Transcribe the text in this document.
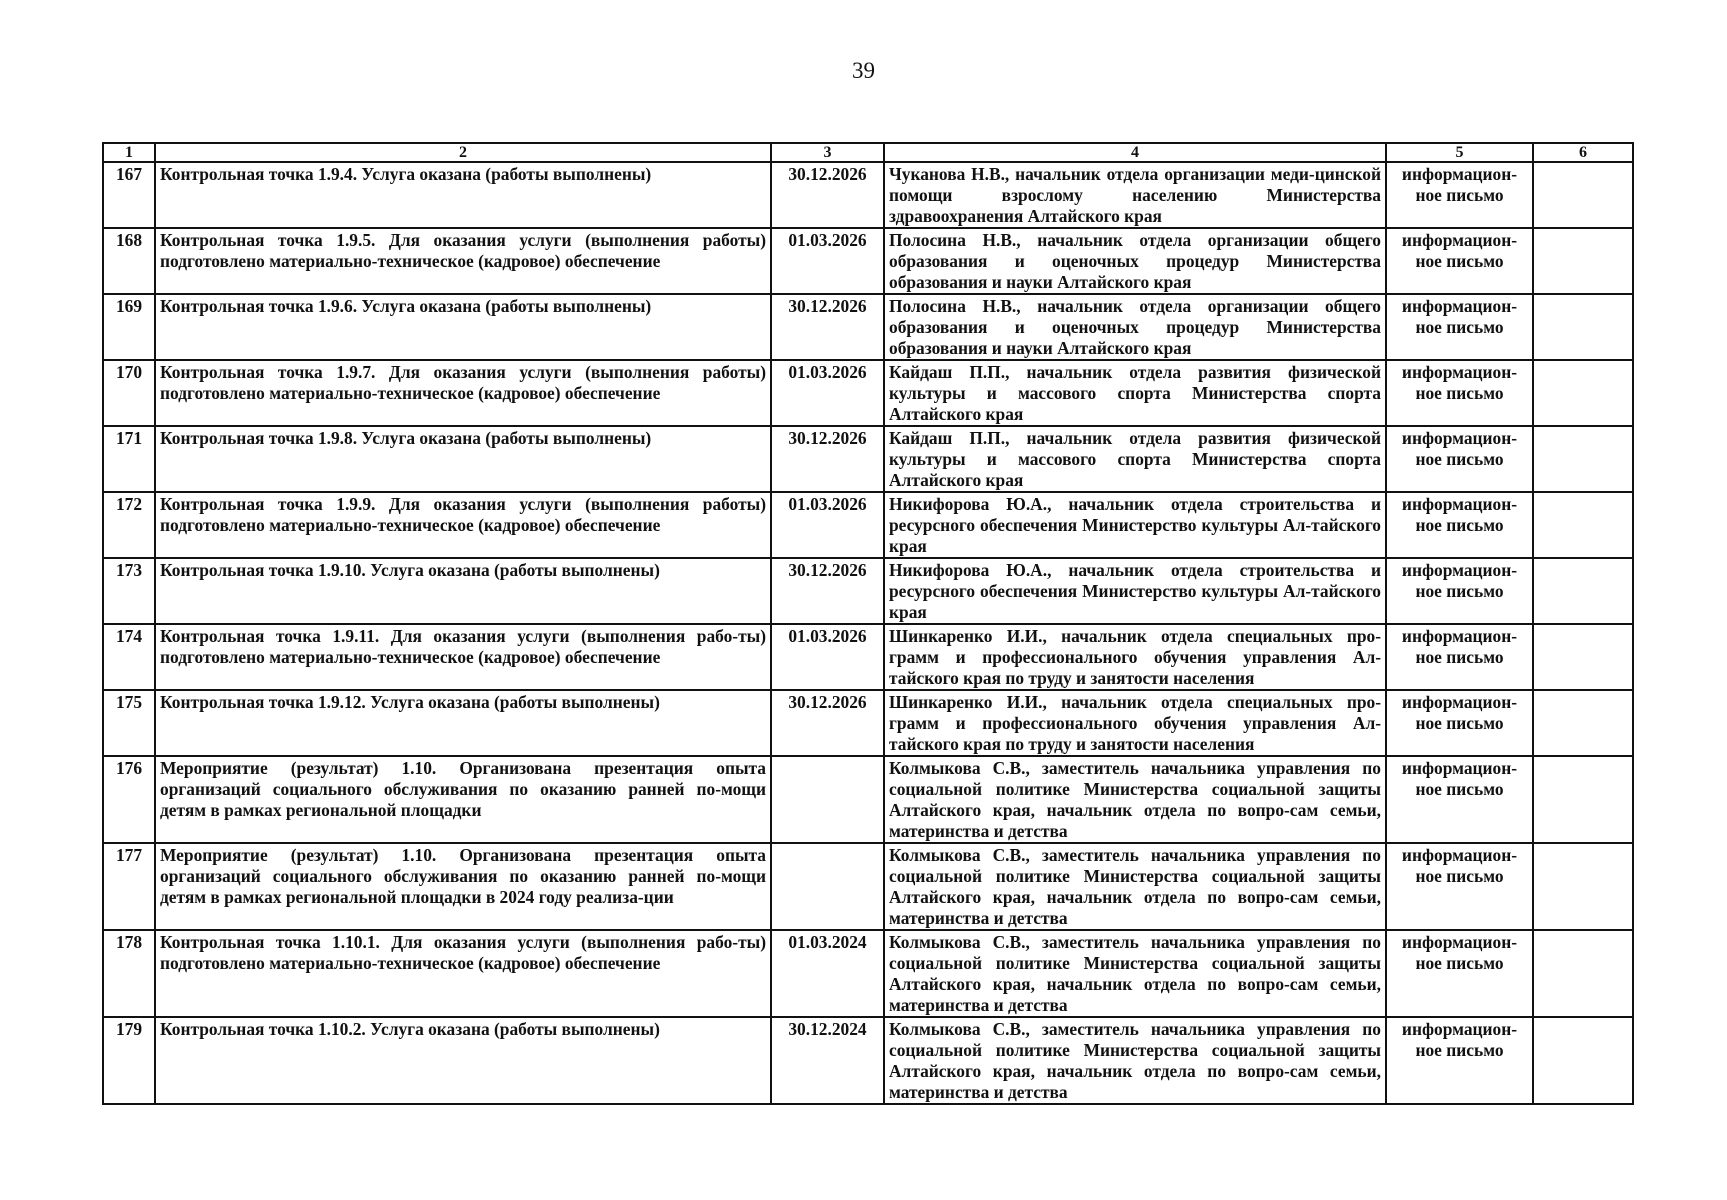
39
1	2	3	4	5	6
167	Контрольная точка 1.9.4. Услуга оказана (работы выполнены)	30.12.2026	Чуканова Н.В., начальник отдела организации меди-цинской помощи взрослому населению Министерства здравоохранения Алтайского края	информацион-ное письмо	
168	Контрольная точка 1.9.5. Для оказания услуги (выполнения работы) подготовлено материально-техническое (кадровое) обеспечение	01.03.2026	Полосина Н.В., начальник отдела организации общего образования и оценочных процедур Министерства образования и науки Алтайского края	информацион-ное письмо	
169	Контрольная точка 1.9.6. Услуга оказана (работы выполнены)	30.12.2026	Полосина Н.В., начальник отдела организации общего образования и оценочных процедур Министерства образования и науки Алтайского края	информацион-ное письмо	
170	Контрольная точка 1.9.7. Для оказания услуги (выполнения работы) подготовлено материально-техническое (кадровое) обеспечение	01.03.2026	Кайдаш П.П., начальник отдела развития физической культуры и массового спорта Министерства спорта Алтайского края	информацион-ное письмо	
171	Контрольная точка 1.9.8. Услуга оказана (работы выполнены)	30.12.2026	Кайдаш П.П., начальник отдела развития физической культуры и массового спорта Министерства спорта Алтайского края	информацион-ное письмо	
172	Контрольная точка 1.9.9. Для оказания услуги (выполнения работы) подготовлено материально-техническое (кадровое) обеспечение	01.03.2026	Никифорова Ю.А., начальник отдела строительства и ресурсного обеспечения Министерство культуры Ал-тайского края	информацион-ное письмо	
173	Контрольная точка 1.9.10. Услуга оказана (работы выполнены)	30.12.2026	Никифорова Ю.А., начальник отдела строительства и ресурсного обеспечения Министерство культуры Ал-тайского края	информацион-ное письмо	
174	Контрольная точка 1.9.11. Для оказания услуги (выполнения рабо-ты) подготовлено материально-техническое (кадровое) обеспечение	01.03.2026	Шинкаренко И.И., начальник отдела специальных про-грамм и профессионального обучения управления Ал-тайского края по труду и занятости населения	информацион-ное письмо	
175	Контрольная точка 1.9.12. Услуга оказана (работы выполнены)	30.12.2026	Шинкаренко И.И., начальник отдела специальных про-грамм и профессионального обучения управления Ал-тайского края по труду и занятости населения	информацион-ное письмо	
176	Мероприятие (результат) 1.10. Организована презентация опыта организаций социального обслуживания по оказанию ранней по-мощи детям в рамках региональной площадки		Колмыкова С.В., заместитель начальника управления по социальной политике Министерства социальной защиты Алтайского края, начальник отдела по вопро-сам семьи, материнства и детства	информацион-ное письмо	
177	Мероприятие (результат) 1.10. Организована презентация опыта организаций социального обслуживания по оказанию ранней по-мощи детям в рамках региональной площадки в 2024 году реализа-ции		Колмыкова С.В., заместитель начальника управления по социальной политике Министерства социальной защиты Алтайского края, начальник отдела по вопро-сам семьи, материнства и детства	информацион-ное письмо	
178	Контрольная точка 1.10.1. Для оказания услуги (выполнения рабо-ты) подготовлено материально-техническое (кадровое) обеспечение	01.03.2024	Колмыкова С.В., заместитель начальника управления по социальной политике Министерства социальной защиты Алтайского края, начальник отдела по вопро-сам семьи, материнства и детства	информацион-ное письмо	
179	Контрольная точка 1.10.2. Услуга оказана (работы выполнены)	30.12.2024	Колмыкова С.В., заместитель начальника управления по социальной политике Министерства социальной защиты Алтайского края, начальник отдела по вопро-сам семьи, материнства и детства	информацион-ное письмо	
